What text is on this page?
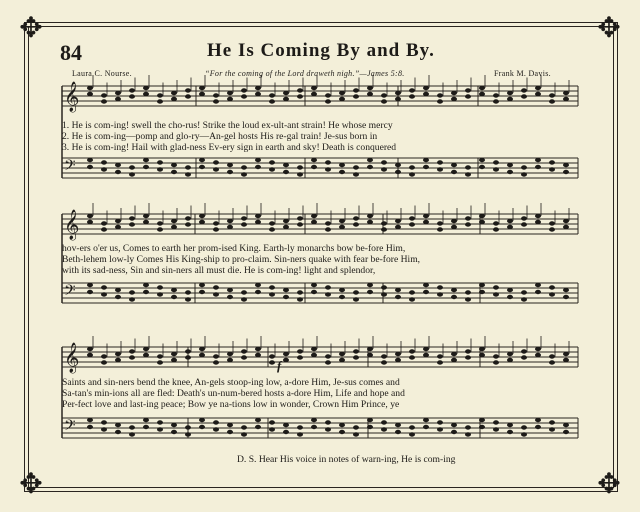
✥	✥
✥	✥
84	He Is Coming By and By.
Laura C. Nourse.	“For the coming of the Lord draweth nigh.”—James 5:8.	Frank M. Davis.
𝄞
𝄢
𝄞
𝄢
𝄞
𝄢
1. He is com-ing! swell the cho-rus! Strike the loud ex-ult-ant strain! He whose mercy
2. He is com-ing—pomp and glo-ry—An-gel hosts His re-gal train! Je-sus born in
3. He is com-ing! Hail with glad-ness Ev-ery sign in earth and sky! Death is conquered
hov-ers o'er us, Comes to earth her prom-ised King. Earth-ly monarchs bow be-fore Him,
Beth-lehem low-ly Comes His King-ship to pro-claim. Sin-ners quake with fear be-fore Him,
with its sad-ness, Sin and sin-ners all must die. He is com-ing! light and splendor,
f
Saints and sin-ners bend the knee, An-gels stoop-ing low, a-dore Him, Je-sus comes and
Sa-tan's min-ions all are fled: Death's un-num-bered hosts a-dore Him, Life and hope and
Per-fect love and last-ing peace; Bow ye na-tions low in wonder, Crown Him Prince, ye
D. S. Hear His voice in notes of warn-ing, He is com-ing
